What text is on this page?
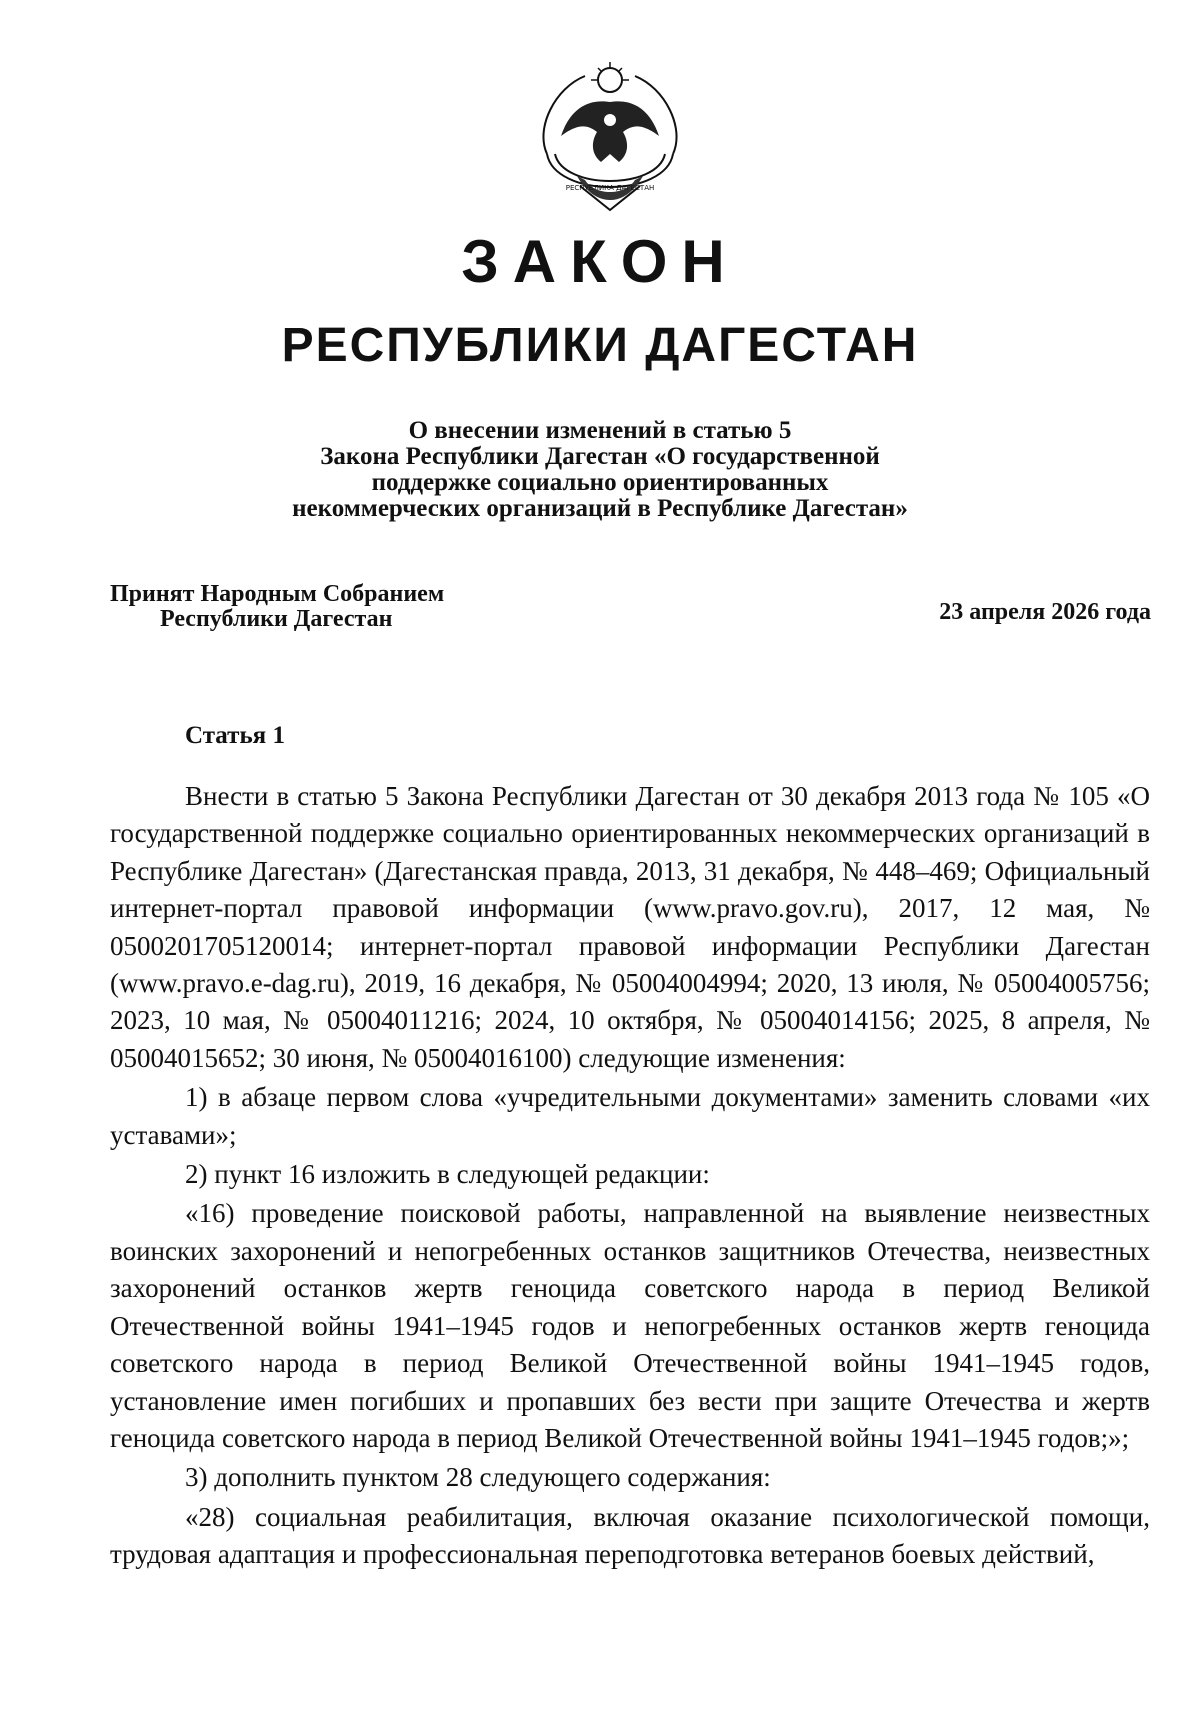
РЕСПУБЛИКА ДАГЕСТАН
ЗАКОН
РЕСПУБЛИКИ ДАГЕСТАН
О внесении изменений в статью 5
Закона Республики Дагестан «О государственной
поддержке социально ориентированных
некоммерческих организаций в Республике Дагестан»
Принят Народным Собранием
Республики Дагестан	23 апреля 2026 года
Статья 1

Внести в статью 5 Закона Республики Дагестан от 30 декабря 2013 года № 105 «О государственной поддержке социально ориентированных некоммерческих организаций в Республике Дагестан» (Дагестанская правда, 2013, 31 декабря, № 448–469; Официальный интернет-портал правовой информации (www.pravo.gov.ru), 2017, 12 мая, № 0500201705120014; интернет-портал правовой информации Республики Дагестан (www.pravo.e-dag.ru), 2019, 16 декабря, № 05004004994; 2020, 13 июля, № 05004005756; 2023, 10 мая, № 05004011216; 2024, 10 октября, № 05004014156; 2025, 8 апреля, № 05004015652; 30 июня, № 05004016100) следующие изменения:

1) в абзаце первом слова «учредительными документами» заменить словами «их уставами»;

2) пункт 16 изложить в следующей редакции:

«16) проведение поисковой работы, направленной на выявление неизвестных воинских захоронений и непогребенных останков защитников Отечества, неизвестных захоронений останков жертв геноцида советского народа в период Великой Отечественной войны 1941–1945 годов и непогребенных останков жертв геноцида советского народа в период Великой Отечественной войны 1941–1945 годов, установление имен погибших и пропавших без вести при защите Отечества и жертв геноцида советского народа в период Великой Отечественной войны 1941–1945 годов;»;

3) дополнить пунктом 28 следующего содержания:

«28) социальная реабилитация, включая оказание психологической помощи, трудовая адаптация и профессиональная переподготовка ветеранов боевых действий,
